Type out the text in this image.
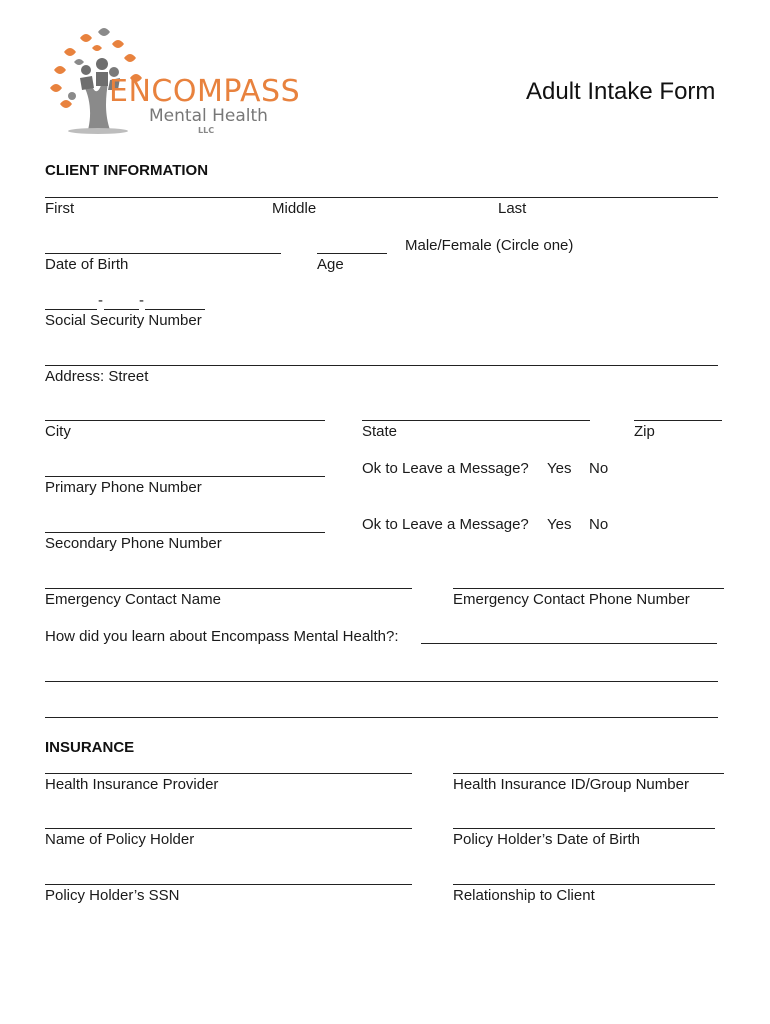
ENCOMPASS
Mental Health
LLC
Adult Intake Form
CLIENT INFORMATION
First	Middle	Last
Male/Female (Circle one)
Date of Birth	Age
- -
Social Security Number
Address: Street
City	State	Zip
Primary Phone Number
Ok to Leave a Message? Yes No
Secondary Phone Number
Ok to Leave a Message? Yes No
Emergency Contact Name	Emergency Contact Phone Number
How did you learn about Encompass Mental Health?:
INSURANCE
Health Insurance Provider	Health Insurance ID/Group Number
Name of Policy Holder	Policy Holder’s Date of Birth
Policy Holder’s SSN	Relationship to Client
